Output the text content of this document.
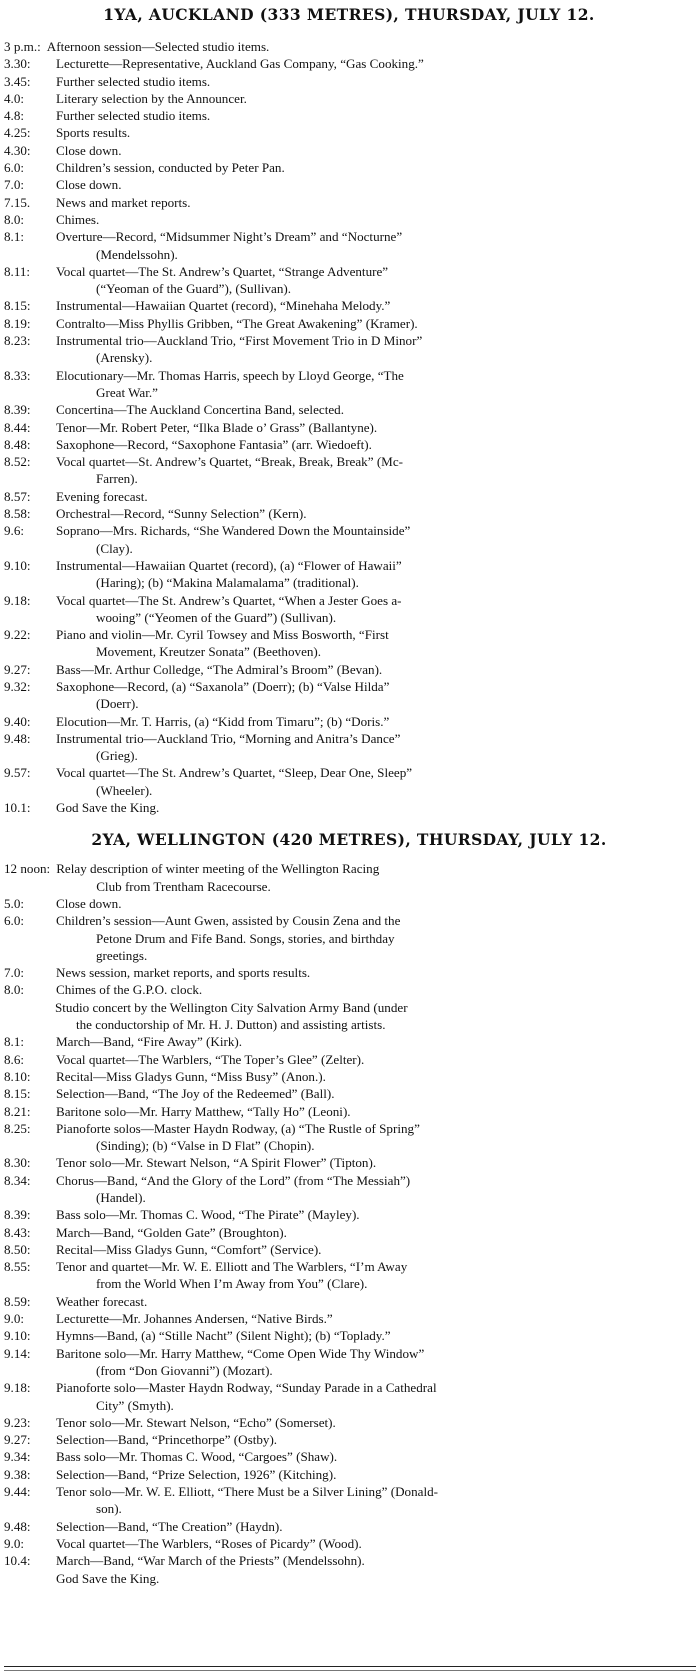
1YA, AUCKLAND (333 METRES), THURSDAY, JULY 12.
3 p.m.: Afternoon session—Selected studio items.
3.30:	Lecturette—Representative, Auckland Gas Company, “Gas Cooking.”
3.45:	Further selected studio items.
4.0:	Literary selection by the Announcer.
4.8:	Further selected studio items.
4.25:	Sports results.
4.30:	Close down.
6.0:	Children’s session, conducted by Peter Pan.
7.0:	Close down.
7.15.	News and market reports.
8.0:	Chimes.
8.1:	Overture—Record, “Midsummer Night’s Dream” and “Nocturne”
(Mendelssohn).
8.11:	Vocal quartet—The St. Andrew’s Quartet, “Strange Adventure”
(“Yeoman of the Guard”), (Sullivan).
8.15:	Instrumental—Hawaiian Quartet (record), “Minehaha Melody.”
8.19:	Contralto—Miss Phyllis Gribben, “The Great Awakening” (Kramer).
8.23:	Instrumental trio—Auckland Trio, “First Movement Trio in D Minor”
(Arensky).
8.33:	Elocutionary—Mr. Thomas Harris, speech by Lloyd George, “The
Great War.”
8.39:	Concertina—The Auckland Concertina Band, selected.
8.44:	Tenor—Mr. Robert Peter, “Ilka Blade o’ Grass” (Ballantyne).
8.48:	Saxophone—Record, “Saxophone Fantasia” (arr. Wiedoeft).
8.52:	Vocal quartet—St. Andrew’s Quartet, “Break, Break, Break” (Mc-
Farren).
8.57:	Evening forecast.
8.58:	Orchestral—Record, “Sunny Selection” (Kern).
9.6:	Soprano—Mrs. Richards, “She Wandered Down the Mountainside”
(Clay).
9.10:	Instrumental—Hawaiian Quartet (record), (a) “Flower of Hawaii”
(Haring); (b) “Makina Malamalama” (traditional).
9.18:	Vocal quartet—The St. Andrew’s Quartet, “When a Jester Goes a-
wooing” (“Yeomen of the Guard”) (Sullivan).
9.22:	Piano and violin—Mr. Cyril Towsey and Miss Bosworth, “First
Movement, Kreutzer Sonata” (Beethoven).
9.27:	Bass—Mr. Arthur Colledge, “The Admiral’s Broom” (Bevan).
9.32:	Saxophone—Record, (a) “Saxanola” (Doerr); (b) “Valse Hilda”
(Doerr).
9.40:	Elocution—Mr. T. Harris, (a) “Kidd from Timaru”; (b) “Doris.”
9.48:	Instrumental trio—Auckland Trio, “Morning and Anitra’s Dance”
(Grieg).
9.57:	Vocal quartet—The St. Andrew’s Quartet, “Sleep, Dear One, Sleep”
(Wheeler).
10.1:	God Save the King.
2YA, WELLINGTON (420 METRES), THURSDAY, JULY 12.
12 noon: Relay description of winter meeting of the Wellington Racing
Club from Trentham Racecourse.
5.0:	Close down.
6.0:	Children’s session—Aunt Gwen, assisted by Cousin Zena and the
Petone Drum and Fife Band. Songs, stories, and birthday
greetings.
7.0:	News session, market reports, and sports results.
8.0:	Chimes of the G.P.O. clock.
Studio concert by the Wellington City Salvation Army Band (under
the conductorship of Mr. H. J. Dutton) and assisting artists.
8.1:	March—Band, “Fire Away” (Kirk).
8.6:	Vocal quartet—The Warblers, “The Toper’s Glee” (Zelter).
8.10:	Recital—Miss Gladys Gunn, “Miss Busy” (Anon.).
8.15:	Selection—Band, “The Joy of the Redeemed” (Ball).
8.21:	Baritone solo—Mr. Harry Matthew, “Tally Ho” (Leoni).
8.25:	Pianoforte solos—Master Haydn Rodway, (a) “The Rustle of Spring”
(Sinding); (b) “Valse in D Flat” (Chopin).
8.30:	Tenor solo—Mr. Stewart Nelson, “A Spirit Flower” (Tipton).
8.34:	Chorus—Band, “And the Glory of the Lord” (from “The Messiah”)
(Handel).
8.39:	Bass solo—Mr. Thomas C. Wood, “The Pirate” (Mayley).
8.43:	March—Band, “Golden Gate” (Broughton).
8.50:	Recital—Miss Gladys Gunn, “Comfort” (Service).
8.55:	Tenor and quartet—Mr. W. E. Elliott and The Warblers, “I’m Away
from the World When I’m Away from You” (Clare).
8.59:	Weather forecast.
9.0:	Lecturette—Mr. Johannes Andersen, “Native Birds.”
9.10:	Hymns—Band, (a) “Stille Nacht” (Silent Night); (b) “Toplady.”
9.14:	Baritone solo—Mr. Harry Matthew, “Come Open Wide Thy Window”
(from “Don Giovanni”) (Mozart).
9.18:	Pianoforte solo—Master Haydn Rodway, “Sunday Parade in a Cathedral
City” (Smyth).
9.23:	Tenor solo—Mr. Stewart Nelson, “Echo” (Somerset).
9.27:	Selection—Band, “Princethorpe” (Ostby).
9.34:	Bass solo—Mr. Thomas C. Wood, “Cargoes” (Shaw).
9.38:	Selection—Band, “Prize Selection, 1926” (Kitching).
9.44:	Tenor solo—Mr. W. E. Elliott, “There Must be a Silver Lining” (Donald-
son).
9.48:	Selection—Band, “The Creation” (Haydn).
9.0:	Vocal quartet—The Warblers, “Roses of Picardy” (Wood).
10.4:	March—Band, “War March of the Priests” (Mendelssohn).
God Save the King.
